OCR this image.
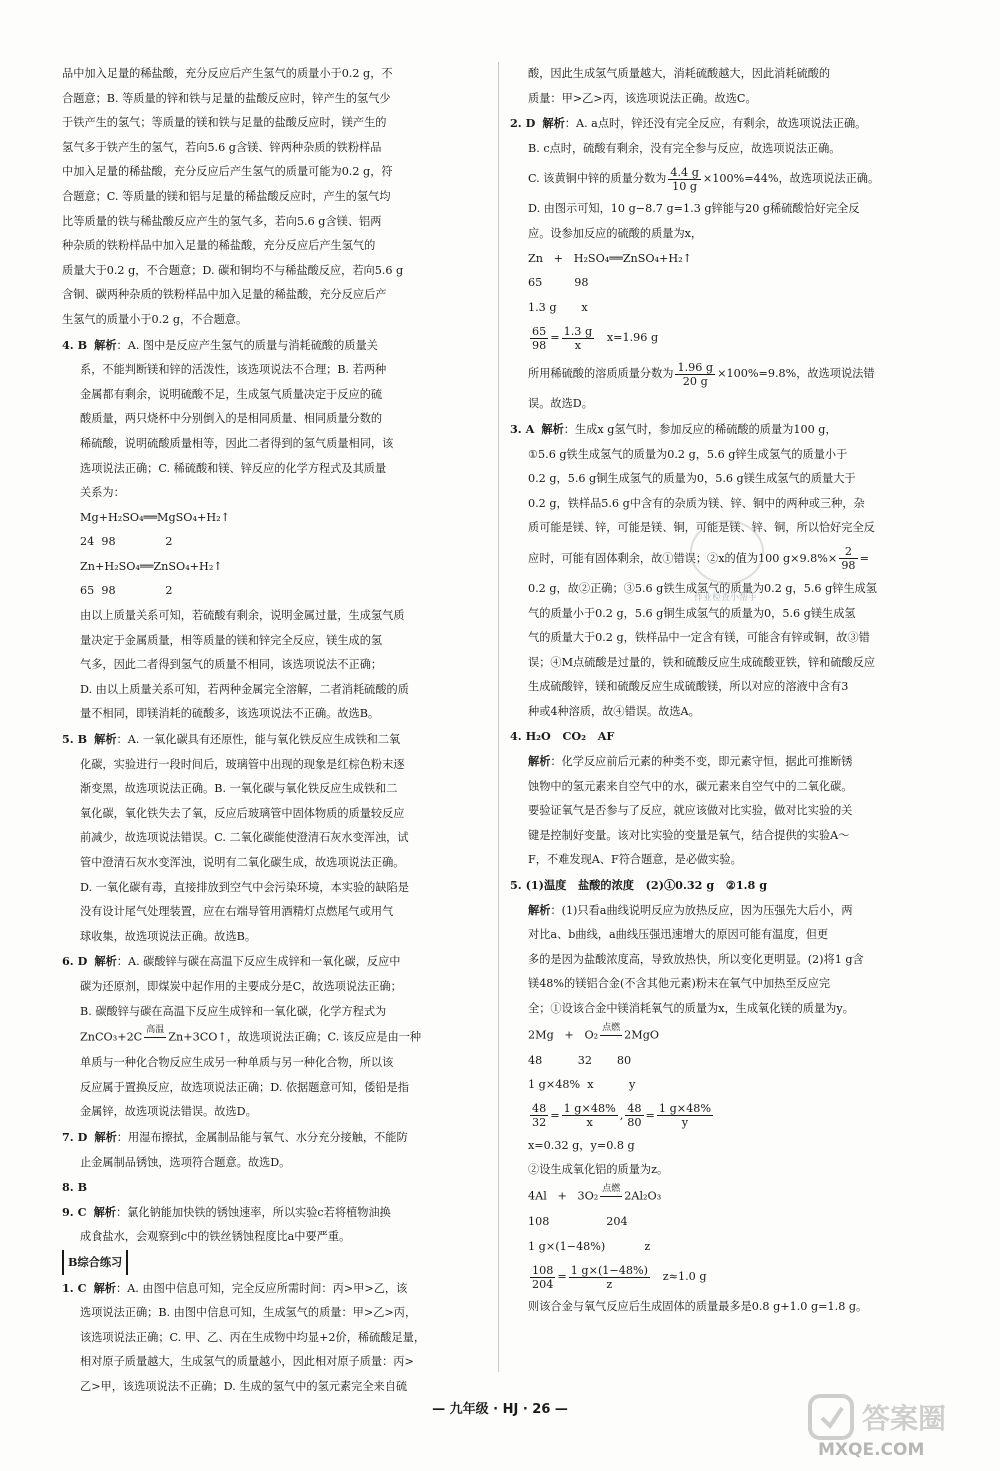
品中加入足量的稀盐酸，充分反应后产生氢气的质量小于0.2 g，不

合题意；B. 等质量的锌和铁与足量的盐酸反应时，锌产生的氢气少

于铁产生的氢气；等质量的镁和铁与足量的盐酸反应时，镁产生的

氢气多于铁产生的氢气，若向5.6 g含镁、锌两种杂质的铁粉样品

中加入足量的稀盐酸，充分反应后产生氢气的质量可能为0.2 g，符

合题意；C. 等质量的镁和铝与足量的稀盐酸反应时，产生的氢气均

比等质量的铁与稀盐酸反应产生的氢气多，若向5.6 g含镁、铝两

种杂质的铁粉样品中加入足量的稀盐酸，充分反应后产生氢气的

质量大于0.2 g，不合题意；D. 碳和铜均不与稀盐酸反应，若向5.6 g

含铜、碳两种杂质的铁粉样品中加入足量的稀盐酸，充分反应后产

生氢气的质量小于0.2 g，不合题意。

4. B 解析：A. 图中是反应产生氢气的质量与消耗硫酸的质量关

系，不能判断镁和锌的活泼性，该选项说法不合理；B. 若两种

金属都有剩余，说明硫酸不足，生成氢气质量决定于反应的硫

酸质量，两只烧杯中分别倒入的是相同质量、相同质量分数的

稀硫酸，说明硫酸质量相等，因此二者得到的氢气质量相同，该

选项说法正确；C. 稀硫酸和镁、锌反应的化学方程式及其质量

关系为：

Mg+H₂SO₄══MgSO₄+H₂↑

24  98              2

Zn+H₂SO₄══ZnSO₄+H₂↑

65  98              2

由以上质量关系可知，若硫酸有剩余，说明金属过量，生成氢气质

量决定于金属质量，相等质量的镁和锌完全反应，镁生成的氢

气多，因此二者得到氢气的质量不相同，该选项说法不正确；

D. 由以上质量关系可知，若两种金属完全溶解，二者消耗硫酸的质

量不相同，即镁消耗的硫酸多，该选项说法不正确。故选B。

5. B 解析：A. 一氧化碳具有还原性，能与氧化铁反应生成铁和二氧

化碳，实验进行一段时间后，玻璃管中出现的现象是红棕色粉末逐

渐变黑，故选项说法正确。B. 一氧化碳与氧化铁反应生成铁和二

氧化碳，氧化铁失去了氧，反应后玻璃管中固体物质的质量较反应

前减少，故选项说法错误。C. 二氧化碳能使澄清石灰水变浑浊，试

管中澄清石灰水变浑浊，说明有二氧化碳生成，故选项说法正确。

D. 一氧化碳有毒，直接排放到空气中会污染环境，本实验的缺陷是

没有设计尾气处理装置，应在右端导管用酒精灯点燃尾气或用气

球收集，故选项说法正确。故选B。

6. D 解析：A. 碳酸锌与碳在高温下反应生成锌和一氧化碳，反应中

碳为还原剂，即煤炭中起作用的主要成分是C，故选项说法正确；

B. 碳酸锌与碳在高温下反应生成锌和一氧化碳，化学方程式为

ZnCO₃+2C
高温

Zn+3CO↑，故选项说法正确；C. 该反应是由一种

单质与一种化合物反应生成另一种单质与另一种化合物，所以该

反应属于置换反应，故选项说法正确；D. 依据题意可知，倭铅是指

金属锌，故选项说法错误。故选D。

7. D 解析：用湿布擦拭，金属制品能与氧气、水分充分接触，不能防

止金属制品锈蚀，选项符合题意。故选D。

8. B

9. C 解析：氯化钠能加快铁的锈蚀速率，所以实验c若将植物油换

成食盐水，会观察到c中的铁丝锈蚀程度比a中要严重。

B综合练习

1. C 解析：A. 由图中信息可知，完全反应所需时间：丙>甲>乙，该

选项说法正确；B. 由图中信息可知，生成氢气的质量：甲>乙>丙，

该选项说法正确；C. 甲、乙、丙在生成物中均显+2价，稀硫酸足量，

相对原子质量越大，生成氢气的质量越小，因此相对原子质量：丙>

乙>甲，该选项说法不正确；D. 生成的氢气中的氢元素完全来自硫

酸，因此生成氢气质量越大，消耗硫酸越大，因此消耗硫酸的

质量：甲>乙>丙，该选项说法正确。故选C。

2. D 解析：A. a点时，锌还没有完全反应，有剩余，故选项说法正确。

B. c点时，硫酸有剩余，没有完全参与反应，故选项说法正确。

C. 该黄铜中锌的质量分数为 $\frac{4.4 g}{10 g} \times 100\%=44\%$，故选项说法正确。

D. 由图示可知，10 g−8.7 g=1.3 g锌能与20 g稀硫酸恰好完全反

应。设参加反应的硫酸的质量为x，

Zn   +   H₂SO₄══ZnSO₄+H₂↑

65         98

1.3 g       x

$\frac{65}{98} = \frac{1.3 g}{x} x=1.96$ g

所用稀硫酸的溶质质量分数为 $\frac{1.96 g}{20 g} \times 100\%=9.8\%$，故选项说法错

误。故选D。

3. A 解析：生成x g氢气时，参加反应的稀硫酸的质量为100 g，

①5.6 g铁生成氢气的质量为0.2 g，5.6 g锌生成氢气的质量小于

0.2 g，5.6 g铜生成氢气的质量为0，5.6 g镁生成氢气的质量大于

0.2 g，铁样品5.6 g中含有的杂质为镁、锌、铜中的两种或三种，杂

质可能是镁、锌，可能是镁、铜，可能是镁、锌、铜，所以恰好完全反

应时，可能有固体剩余，故①错误；②x的值为100 $g\times 9.8\%\times \frac{2}{98}$ =

0.2 g，故②正确；③5.6 g铁生成氢气的质量为0.2 g，5.6 g锌生成氢

气的质量小于0.2 g，5.6 g铜生成氢气的质量为0，5.6 g镁生成氢

气的质量大于0.2 g，铁样品中一定含有镁，可能含有锌或铜，故③错

误；④M点硫酸是过量的，铁和硫酸反应生成硫酸亚铁，锌和硫酸反应

生成硫酸锌，镁和硫酸反应生成硫酸镁，所以对应的溶液中含有3

种或4种溶质，故④错误。故选A。

4. H₂O   CO₂   AF

解析：化学反应前后元素的种类不变，即元素守恒，据此可推断锈

蚀物中的氢元素来自空气中的水，碳元素来自空气中的二氧化碳。

要验证氧气是否参与了反应，就应该做对比实验，做对比实验的关

键是控制好变量。该对比实验的变量是氧气，结合提供的实验A～

F，不难发现A、F符合题意，是必做实验。

5. (1)温度   盐酸的浓度   (2)①0.32 g   ②1.8 g

解析：(1)只看a曲线说明反应为放热反应，因为压强先大后小，两

对比a、b曲线，a曲线压强迅速增大的原因可能有温度，但更

多的是因为盐酸浓度高，导致放热快，所以变化更明显。(2)将1 g含

镁48%的镁铝合金(不含其他元素)粉末在氧气中加热至反应完

全；①设该合金中镁消耗氧气的质量为x，生成氧化镁的质量为y。

2Mg   +   O₂
点燃

2MgO

48          32       80

1 g×48%  x          y

$\frac{48}{32} = \frac{1 g\times 48\%}{x}$ , $\frac{48}{80} = \frac{1 g\times 48\%}{y}$

x=0.32 g，y=0.8 g

②设生成氧化铝的质量为z。

4Al   +   3O₂
点燃

2Al₂O₃

108                204

1 g×(1−48%)           z

$\frac{108}{204} = \frac{1 g\times(1-48\%)}{z} z\approx 1.0$ g

则该合金与氧气反应后生成固体的质量最多是0.8 g+1.0 g=1.8 g。

作业检查小帮手
— 九年级 · HJ · 26 —	答案圈
MXQE.COM
